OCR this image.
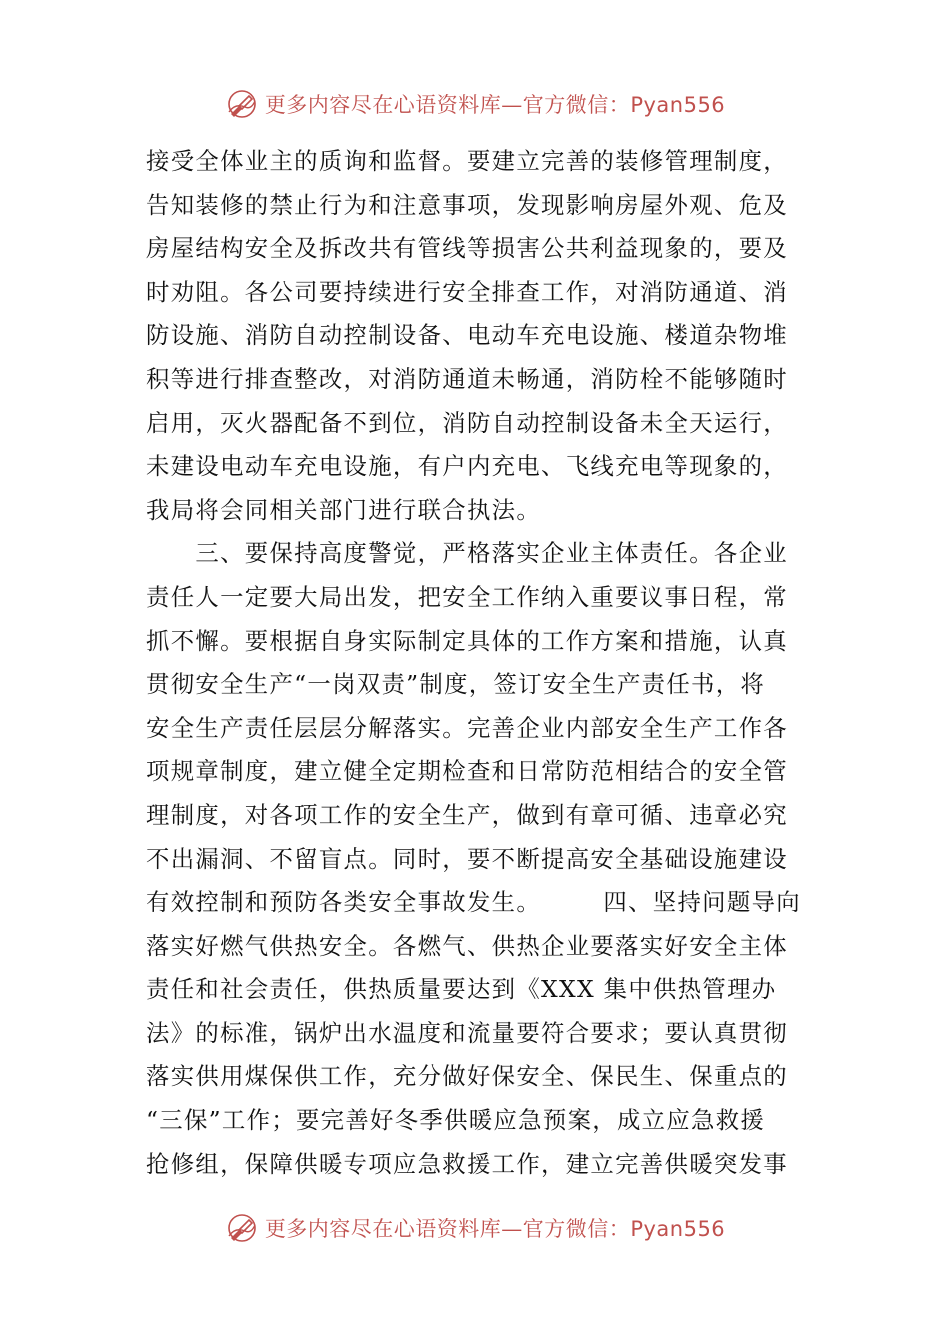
更多内容尽在心语资料库—官方微信：Pyan556
接受全体业主的质询和监督。要建立完善的装修管理制度，
告知装修的禁止行为和注意事项，发现影响房屋外观、危及
房屋结构安全及拆改共有管线等损害公共利益现象的，要及
时劝阻。各公司要持续进行安全排查工作，对消防通道、消
防设施、消防自动控制设备、电动车充电设施、楼道杂物堆
积等进行排查整改，对消防通道未畅通，消防栓不能够随时
启用，灭火器配备不到位，消防自动控制设备未全天运行，
未建设电动车充电设施，有户内充电、飞线充电等现象的，
我局将会同相关部门进行联合执法。
　　三、要保持高度警觉，严格落实企业主体责任。各企业
责任人一定要大局出发，把安全工作纳入重要议事日程，常
抓不懈。要根据自身实际制定具体的工作方案和措施，认真
贯彻安全生产“一岗双责”制度，签订安全生产责任书，将
安全生产责任层层分解落实。完善企业内部安全生产工作各
项规章制度，建立健全定期检查和日常防范相结合的安全管
理制度，对各项工作的安全生产，做到有章可循、违章必究
不出漏洞、不留盲点。同时，要不断提高安全基础设施建设
有效控制和预防各类安全事故发生。　　　四、坚持问题导向
落实好燃气供热安全。各燃气、供热企业要落实好安全主体
责任和社会责任，供热质量要达到《XXX 集中供热管理办
法》的标准，锅炉出水温度和流量要符合要求；要认真贯彻
落实供用煤保供工作，充分做好保安全、保民生、保重点的
“三保”工作；要完善好冬季供暖应急预案，成立应急救援
抢修组，保障供暖专项应急救援工作，建立完善供暖突发事
更多内容尽在心语资料库—官方微信：Pyan556
